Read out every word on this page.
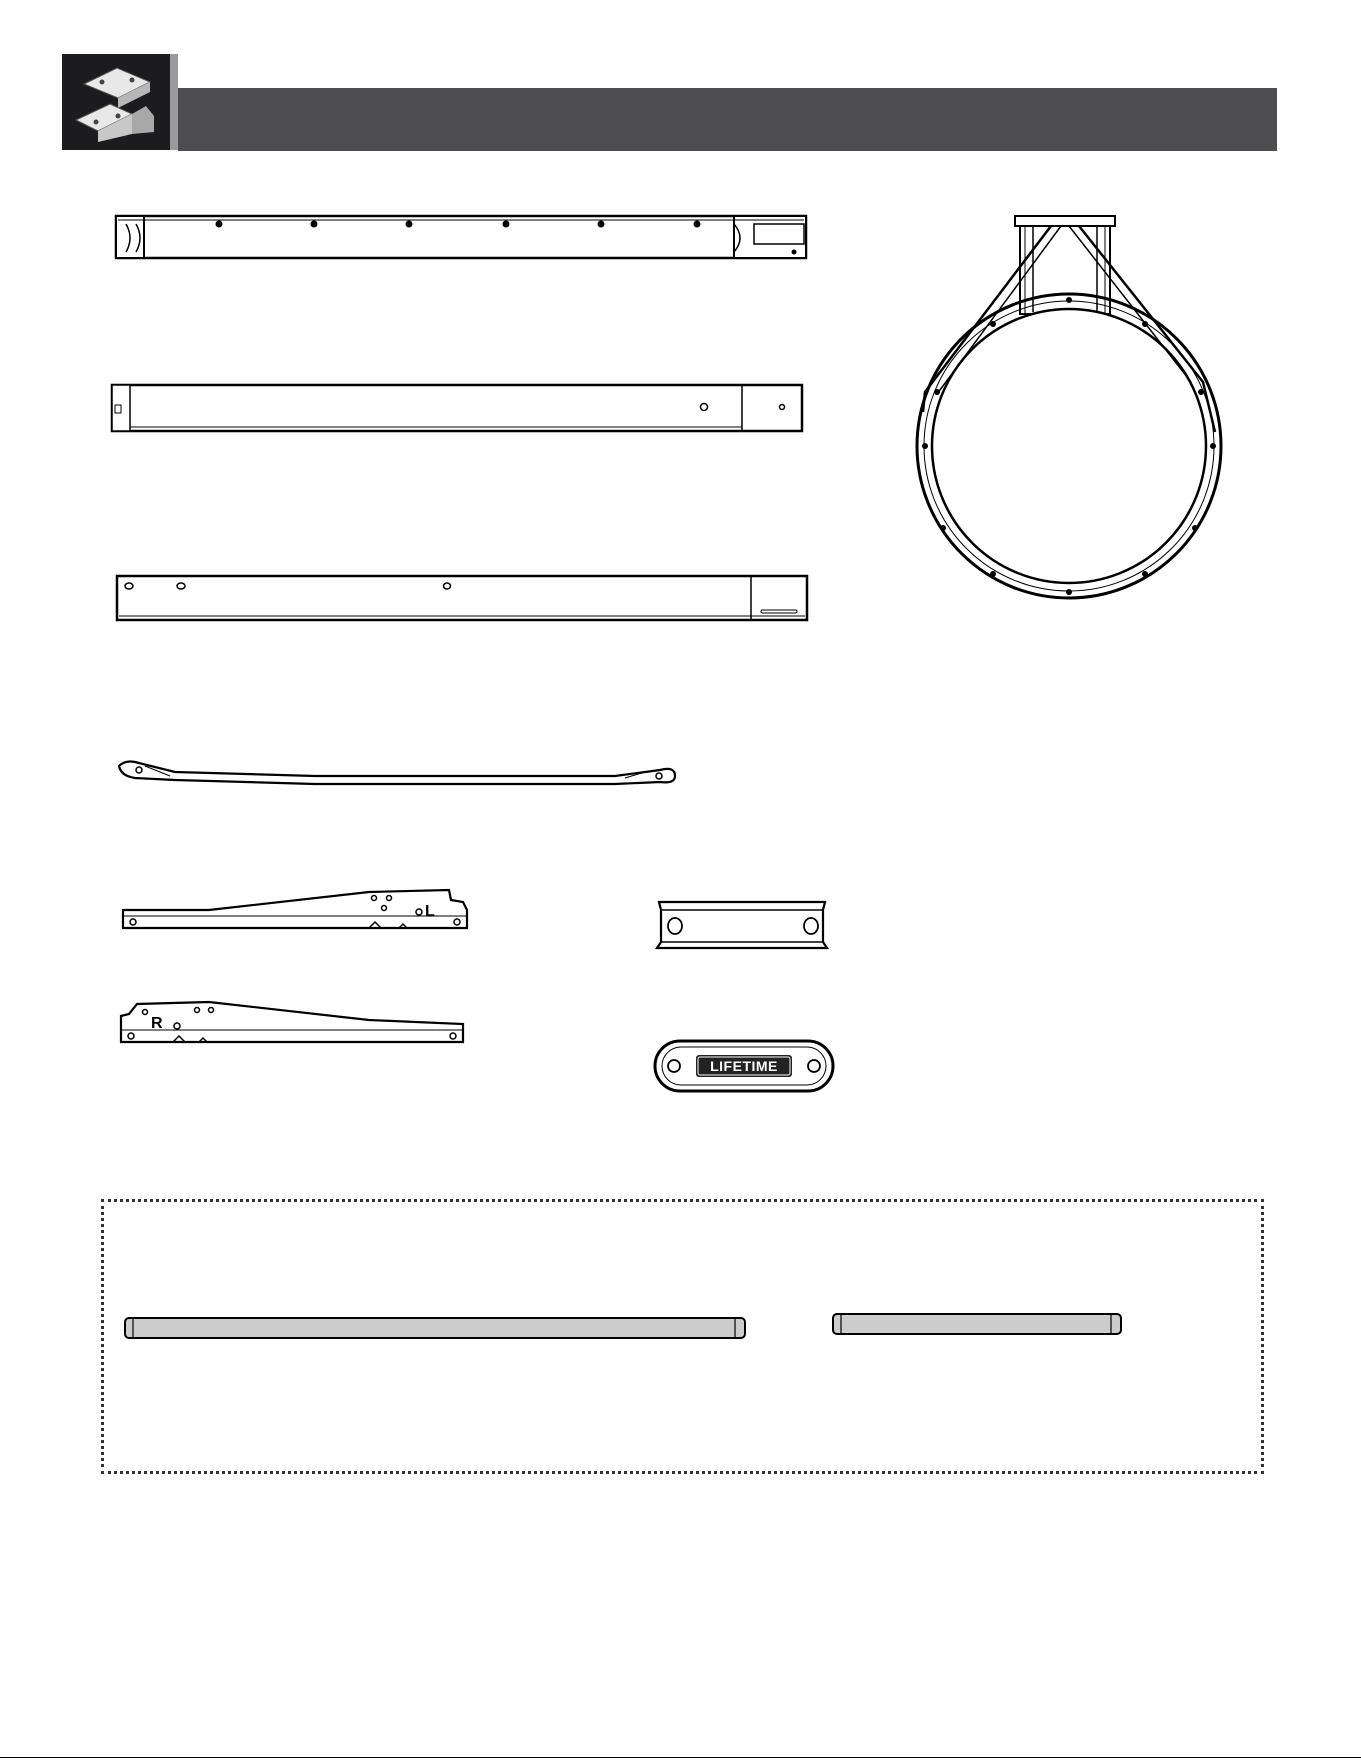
L
R
LIFETIME
